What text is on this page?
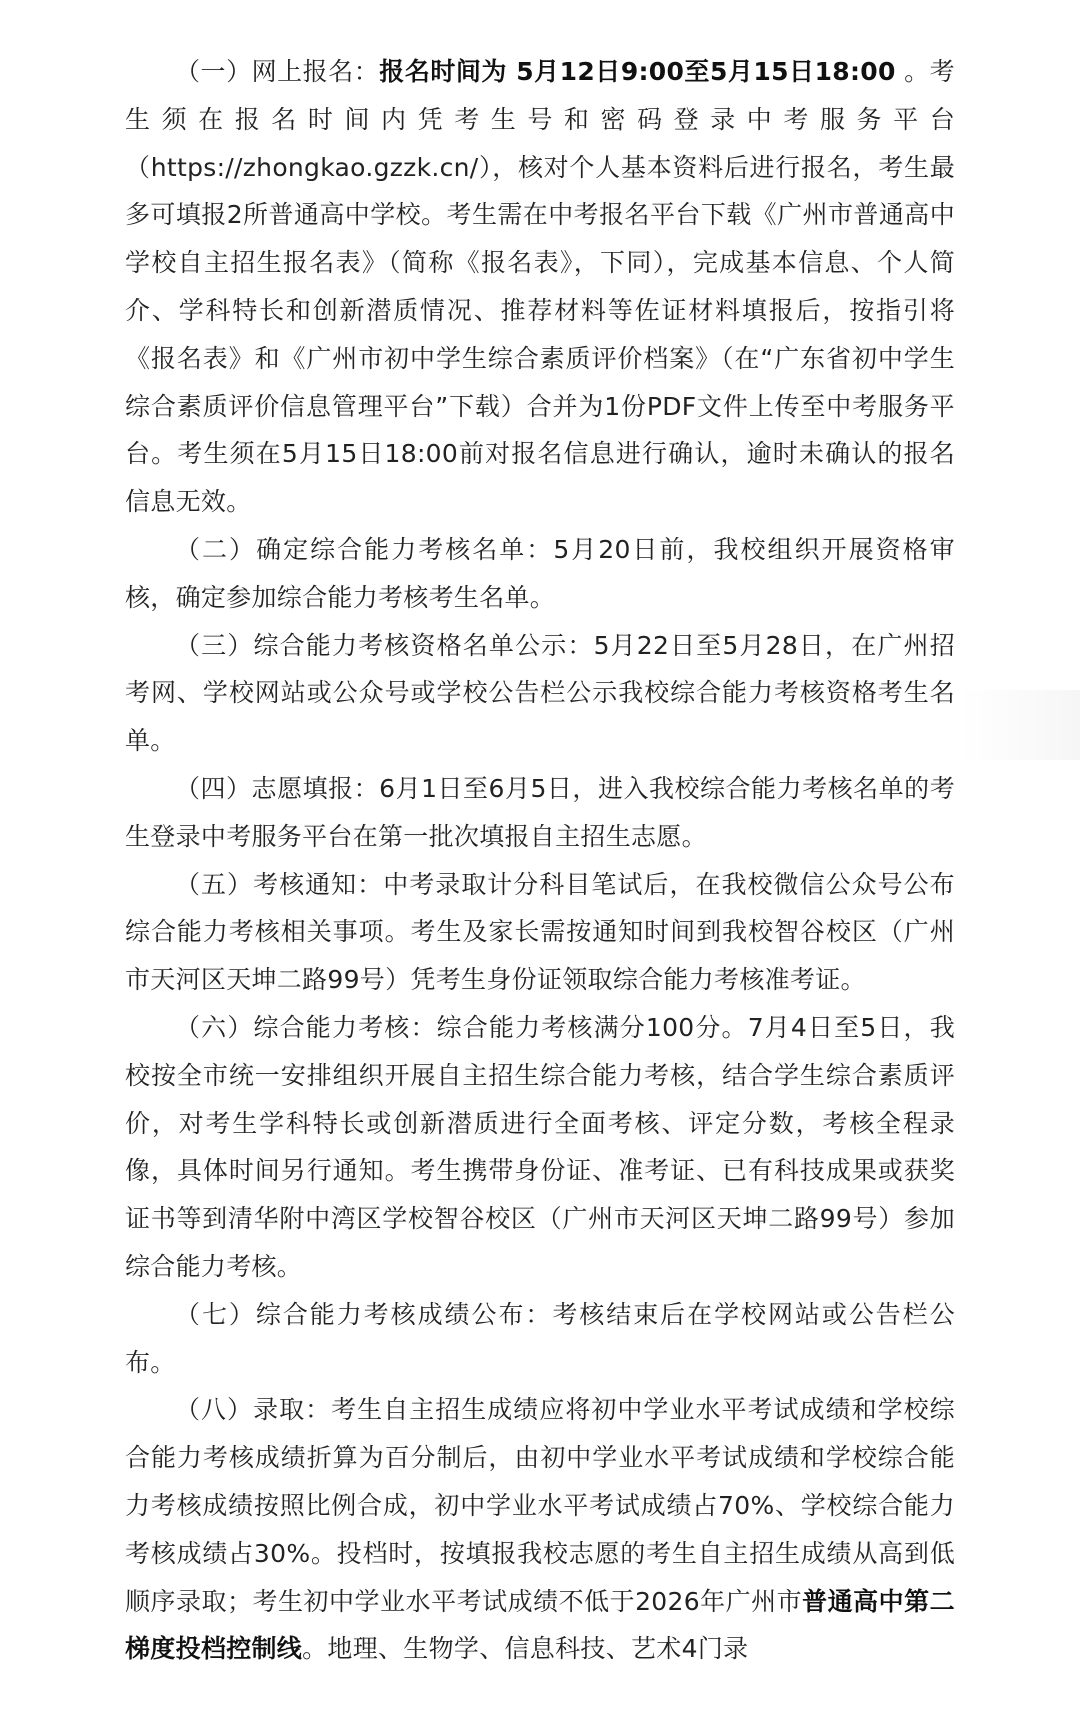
（一）网上报名：报名时间为 5月12日9:00至5月15日18:00 。考生须在报名时间内凭考生号和密码登录中考服务平台（https://zhongkao.gzzk.cn/），核对个人基本资料后进行报名，考生最多可填报2所普通高中学校。考生需在中考报名平台下载《广州市普通高中学校自主招生报名表》（简称《报名表》，下同），完成基本信息、个人简介、学科特长和创新潜质情况、推荐材料等佐证材料填报后，按指引将《报名表》和《广州市初中学生综合素质评价档案》（在“广东省初中学生综合素质评价信息管理平台”下载）合并为1份PDF文件上传至中考服务平台。考生须在5月15日18:00前对报名信息进行确认，逾时未确认的报名信息无效。

（二）确定综合能力考核名单：5月20日前，我校组织开展资格审核，确定参加综合能力考核考生名单。

（三）综合能力考核资格名单公示：5月22日至5月28日，在广州招考网、学校网站或公众号或学校公告栏公示我校综合能力考核资格考生名单。

（四）志愿填报：6月1日至6月5日，进入我校综合能力考核名单的考生登录中考服务平台在第一批次填报自主招生志愿。

（五）考核通知：中考录取计分科目笔试后，在我校微信公众号公布综合能力考核相关事项。考生及家长需按通知时间到我校智谷校区（广州市天河区天坤二路99号）凭考生身份证领取综合能力考核准考证。

（六）综合能力考核：综合能力考核满分100分。7月4日至5日，我校按全市统一安排组织开展自主招生综合能力考核，结合学生综合素质评价，对考生学科特长或创新潜质进行全面考核、评定分数，考核全程录像，具体时间另行通知。考生携带身份证、准考证、已有科技成果或获奖证书等到清华附中湾区学校智谷校区（广州市天河区天坤二路99号）参加综合能力考核。

（七）综合能力考核成绩公布：考核结束后在学校网站或公告栏公布。

（八）录取：考生自主招生成绩应将初中学业水平考试成绩和学校综合能力考核成绩折算为百分制后，由初中学业水平考试成绩和学校综合能力考核成绩按照比例合成，初中学业水平考试成绩占70%、学校综合能力考核成绩占30%。投档时，按填报我校志愿的考生自主招生成绩从高到低顺序录取；考生初中学业水平考试成绩不低于2026年广州市普通高中第二梯度投档控制线。地理、生物学、信息科技、艺术4门录
